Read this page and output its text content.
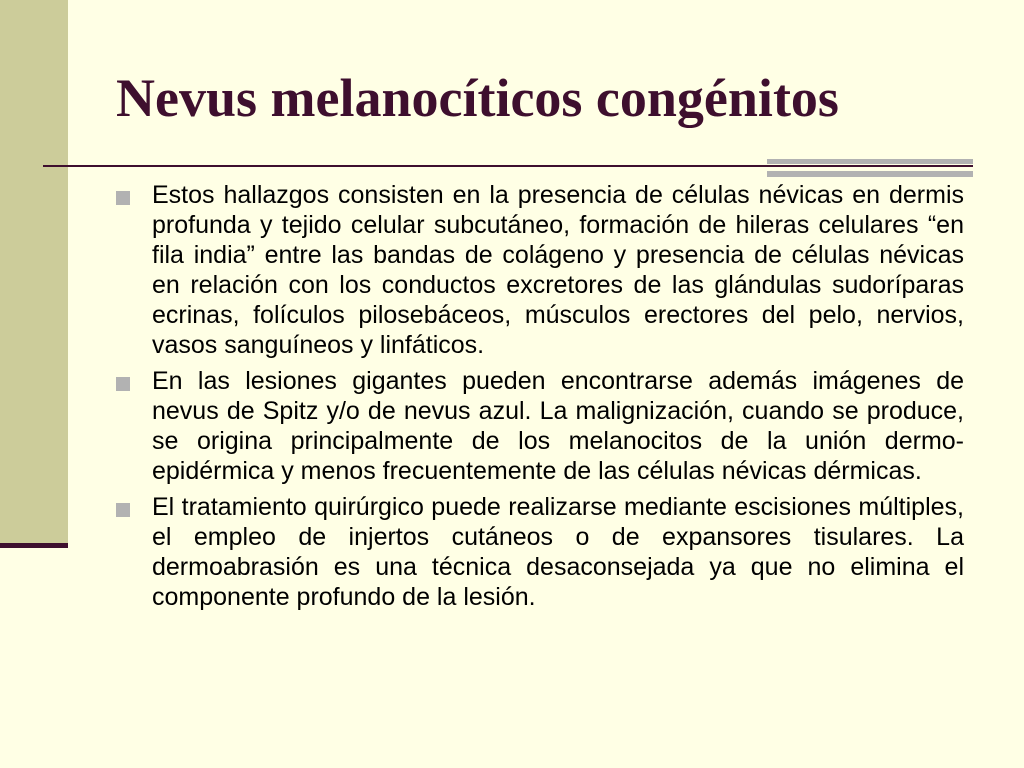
Nevus melanocíticos congénitos
Estos hallazgos consisten en la presencia de células névicas en dermis profunda y tejido celular subcutáneo, formación de hileras celulares “en fila india” entre las bandas de colágeno y presencia de células névicas en relación con los conductos excretores de las glándulas sudoríparas ecrinas, folículos pilosebáceos, músculos erectores del pelo, nervios, vasos sanguíneos y linfáticos.
En las lesiones gigantes pueden encontrarse además imágenes de nevus de Spitz y/o de nevus azul. La malignización, cuando se produce, se origina principalmente de los melanocitos de la unión dermo-epidérmica y menos frecuentemente de las células névicas dérmicas.
El tratamiento quirúrgico puede realizarse mediante escisiones múltiples, el empleo de injertos cutáneos o de expansores tisulares. La dermoabrasión es una técnica desaconsejada ya que no elimina el componente profundo de la lesión.
